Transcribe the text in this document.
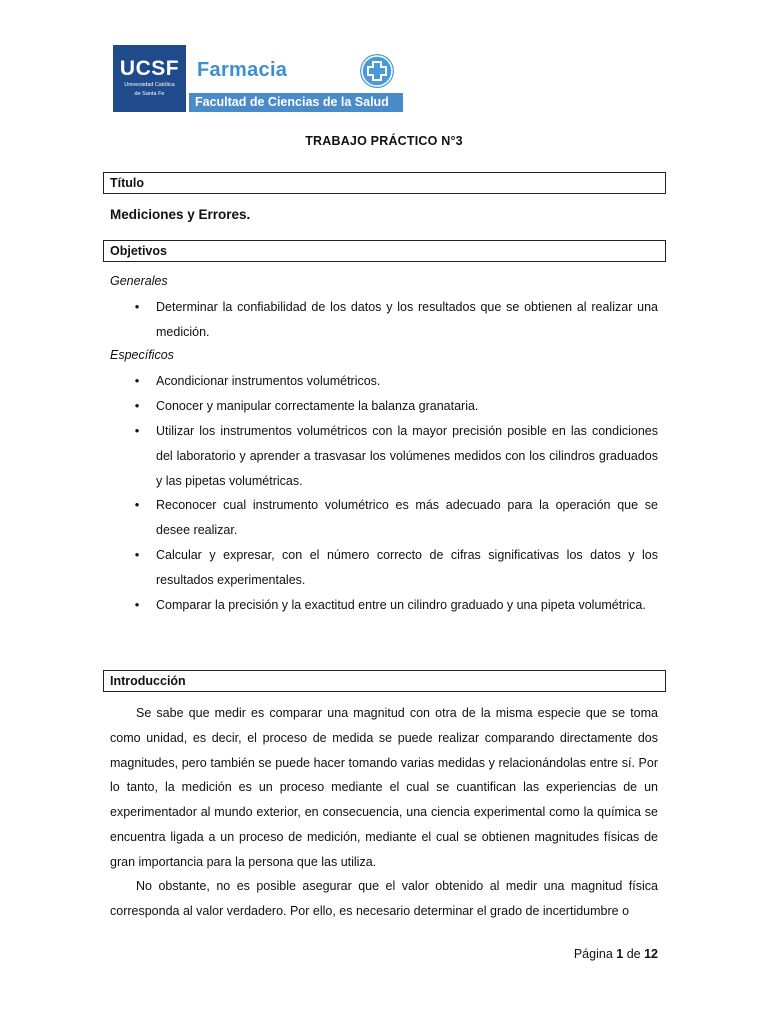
UCSF
Universidad Católica
de Santa Fe
Farmacia
Facultad de Ciencias de la Salud
TRABAJO PRÁCTICO N°3
Título
Mediciones y Errores.
Objetivos
Generales
• Determinar la confiabilidad de los datos y los resultados que se obtienen al realizar una medición.
Específicos
• Acondicionar instrumentos volumétricos.
• Conocer y manipular correctamente la balanza granataria.
• Utilizar los instrumentos volumétricos con la mayor precisión posible en las condiciones del laboratorio y aprender a trasvasar los volúmenes medidos con los cilindros graduados y las pipetas volumétricas.
• Reconocer cual instrumento volumétrico es más adecuado para la operación que se desee realizar.
• Calcular y expresar, con el número correcto de cifras significativas los datos y los resultados experimentales.
• Comparar la precisión y la exactitud entre un cilindro graduado y una pipeta volumétrica.
Introducción
Se sabe que medir es comparar una magnitud con otra de la misma especie que se toma como unidad, es decir, el proceso de medida se puede realizar comparando directamente dos magnitudes, pero también se puede hacer tomando varias medidas y relacionándolas entre sí. Por lo tanto, la medición es un proceso mediante el cual se cuantifican las experiencias de un experimentador al mundo exterior, en consecuencia, una ciencia experimental como la química se encuentra ligada a un proceso de medición, mediante el cual se obtienen magnitudes físicas de gran importancia para la persona que las utiliza.
No obstante, no es posible asegurar que el valor obtenido al medir una magnitud física corresponda al valor verdadero. Por ello, es necesario determinar el grado de incertidumbre o
Página 1 de 12
